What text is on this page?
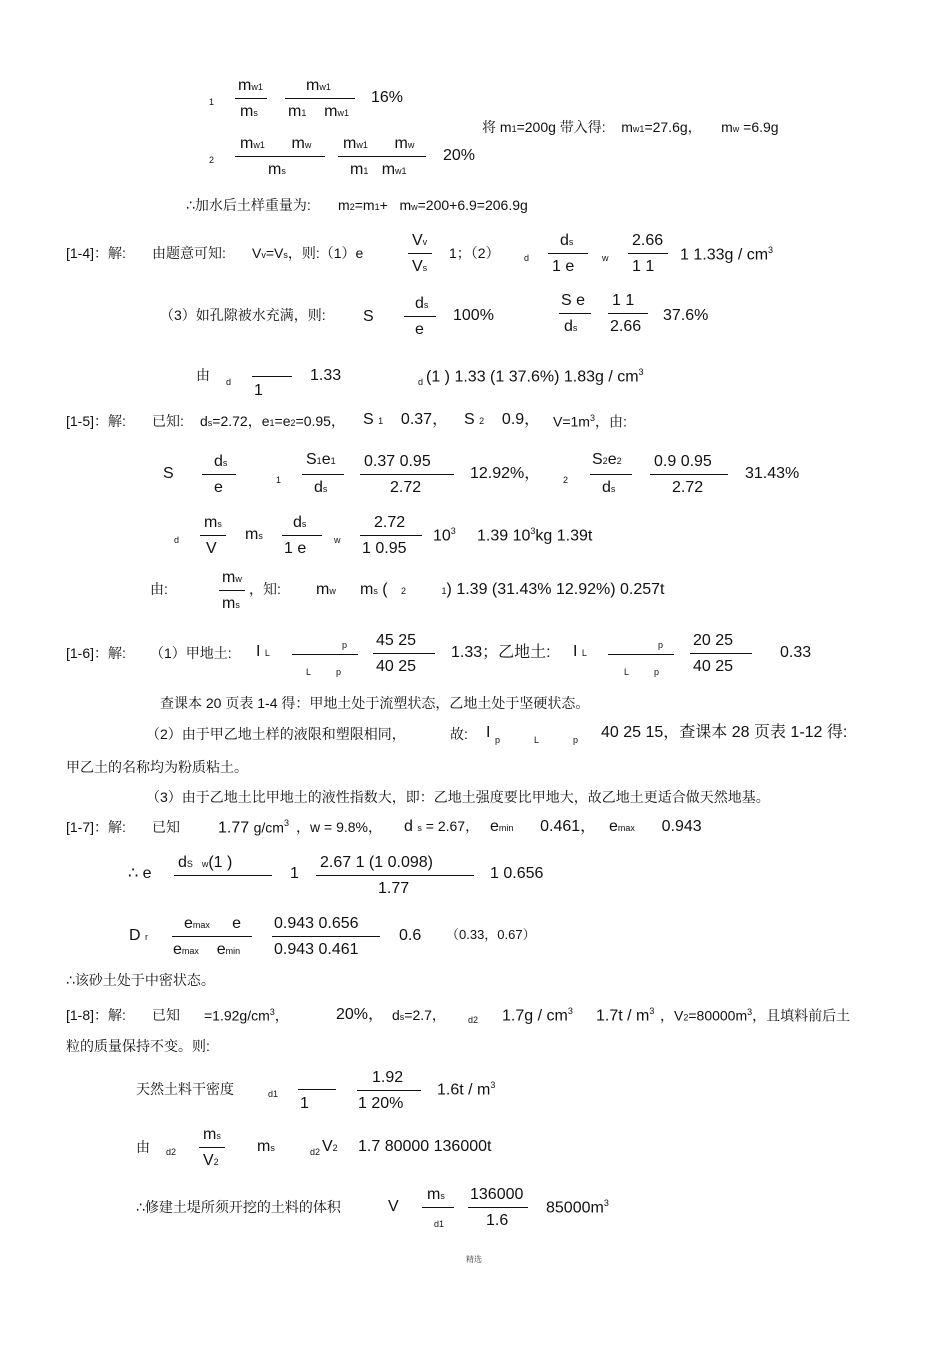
1
mw1
ms
mw1
m1 mw1
16%
将 m1=200g 带入得: mw1=27.6g， mw =6.9g
2
mw1 mw
ms
mw1 mw
m1 mw1
20%
∴加水后土样重量为: m2=m1+ mw=200+6.9=206.9g
[1-4]：解: 由题意可知: Vv=Vs，则:（1）e
Vv
Vs
1；（2）	d
ds
1 e	w
2.66
1 1
1 $1.33g / cm^3$
（3）如孔隙被水充满，则: S
ds
e
100%
S e
ds
1 1
2.66
37.6%
由 d 1
1.33	d (1 ) 1.33 (1 37.6%) $1.83g / cm^3$
[1-5]：解: 已知: ds=2.72，e1=e2=0.95， S 1 0.37， S 2 0.9， $V=1m^3$，由:
S
ds
e	1
S1e1
ds
0.37 0.95
2.72
12.92%，	2
S2e2
ds
0.9 0.95
2.72
31.43%
d
ms
V
ms
ds
1 e	w
2.72
1 0.95
$10^3$ 1.39 $10^3kg$ 1.39t
由:
mw
ms
，知: mw ms ( 2	1) 1.39 (31.43% 12.92%) 0.257t
[1-6]：解: （1）甲地土: I L
p
L	p
45 25
40 25
1.33；乙地土: I L
p
L	p
20 25
40 25
0.33
查课本 20 页表 1-4 得：甲地土处于流塑状态，乙地土处于坚硬状态。
（2）由于甲乙地土样的液限和塑限相同，	故: I p	L	p 40 25 15，查课本 28 页表 1-12 得:
甲乙土的名称均为粉质粘土。
（3）由于乙地土比甲地土的液性指数大，即：乙地土强度要比甲地大，故乙地土更适合做天然地基。
[1-7]：解: 已知 1.77 $g/cm^3$ ，w = 9.8%， d s = 2.67， emin 0.461， emax 0.943
∴ e
dS w(1 )
1
2.67 1 (1 0.098)
1.77
1 0.656
D r
emax e
emax emin
0.943 0.656
0.943 0.461
0.6 （0.33，0.67）
∴该砂土处于中密状态。
[1-8]：解: 已知 $=1.92g/cm^3$，	20%， ds=2.7， d2 $1.7g / cm^3$ $1.7t / m^3$ ，$V2=80000m^3$，且填料前后土
粒的质量保持不变。则:
天然土料干密度	d1
1
1.92
1 20%
$1.6t / m^3$
由 d2
ms
V2
ms	d2 V2 1.7 80000 136000t
∴修建土堤所须开挖的土料的体积	V
ms
d1
136000
1.6
$85000m^3$
精选
